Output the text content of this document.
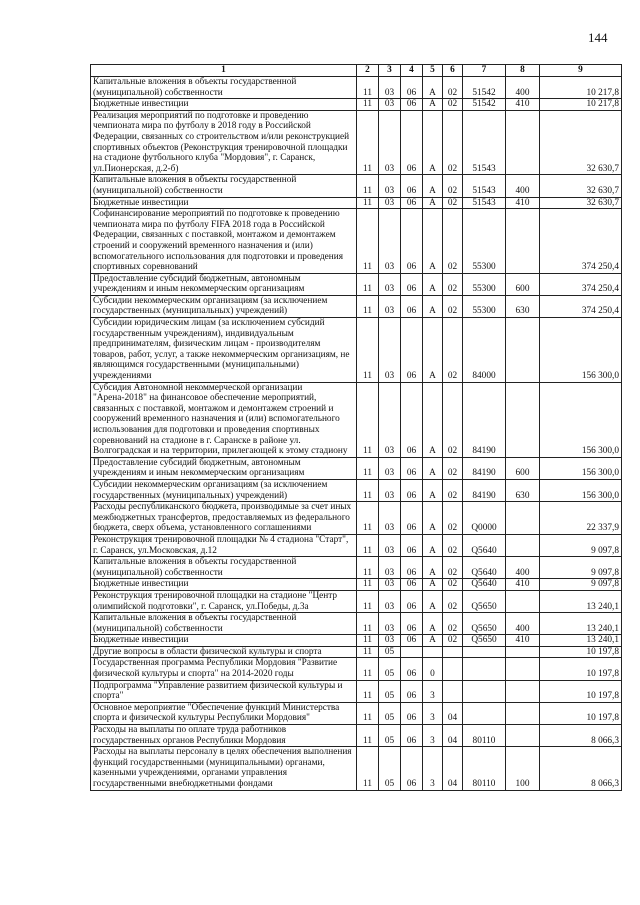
144
1	2	3	4	5	6	7	8	9
Капитальные вложения в объекты государственной (муниципальной) собственности	11	03	06	А	02	51542	400	10 217,8
Бюджетные инвестиции	11	03	06	А	02	51542	410	10 217,8
Реализация мероприятий по подготовке и проведению чемпионата мира по футболу в 2018 году в Российской Федерации, связанных со строительством и/или реконструкцией спортивных объектов (Реконструкция тренировочной площадки на стадионе футбольного клуба "Мордовия", г. Саранск, ул.Пионерская, д.2-б)	11	03	06	А	02	51543		32 630,7
Капитальные вложения в объекты государственной (муниципальной) собственности	11	03	06	А	02	51543	400	32 630,7
Бюджетные инвестиции	11	03	06	А	02	51543	410	32 630,7
Софинансирование мероприятий по подготовке к проведению чемпионата мира по футболу FIFA 2018 года в Российской Федерации, связанных с поставкой, монтажом и демонтажем строений и сооружений временного назначения и (или) вспомогательного использования для подготовки и проведения спортивных соревнований	11	03	06	А	02	55300		374 250,4
Предоставление субсидий бюджетным, автономным учреждениям и иным некоммерческим организациям	11	03	06	А	02	55300	600	374 250,4
Субсидии некоммерческим организациям (за исключением государственных (муниципальных) учреждений)	11	03	06	А	02	55300	630	374 250,4
Субсидии юридическим лицам (за исключением субсидий государственным учреждениям), индивидуальным предпринимателям, физическим лицам - производителям товаров, работ, услуг, а также некоммерческим организациям, не являющимся государственными (муниципальными) учреждениями	11	03	06	А	02	84000		156 300,0
Субсидия Автономной некоммерческой организации "Арена-2018" на финансовое обеспечение мероприятий, связанных с поставкой, монтажом и демонтажем строений и сооружений временного назначения и (или) вспомогательного использования для подготовки и проведения спортивных соревнований на стадионе в г. Саранске в районе ул. Волгоградская и на территории, прилегающей к этому стадиону	11	03	06	А	02	84190		156 300,0
Предоставление субсидий бюджетным, автономным учреждениям и иным некоммерческим организациям	11	03	06	А	02	84190	600	156 300,0
Субсидии некоммерческим организациям (за исключением государственных (муниципальных) учреждений)	11	03	06	А	02	84190	630	156 300,0
Расходы республиканского бюджета, производимые за счет иных межбюджетных трансфертов, предоставляемых из федерального бюджета, сверх объема, установленного соглашениями	11	03	06	А	02	Q0000		22 337,9
Реконструкция тренировочной площадки № 4 стадиона "Старт", г. Саранск, ул.Московская, д.12	11	03	06	А	02	Q5640		9 097,8
Капитальные вложения в объекты государственной (муниципальной) собственности	11	03	06	А	02	Q5640	400	9 097,8
Бюджетные инвестиции	11	03	06	А	02	Q5640	410	9 097,8
Реконструкция тренировочной площадки на стадионе "Центр олимпийской подготовки", г. Саранск, ул.Победы, д.3а	11	03	06	А	02	Q5650		13 240,1
Капитальные вложения в объекты государственной (муниципальной) собственности	11	03	06	А	02	Q5650	400	13 240,1
Бюджетные инвестиции	11	03	06	А	02	Q5650	410	13 240,1
Другие вопросы в области физической культуры и спорта	11	05						10 197,8
Государственная программа Республики Мордовия "Развитие физической культуры и спорта" на 2014-2020 годы	11	05	06	0				10 197,8
Подпрограмма "Управление развитием физической культуры и спорта"	11	05	06	3				10 197,8
Основное мероприятие "Обеспечение функций Министерства спорта и физической культуры Республики Мордовия"	11	05	06	3	04			10 197,8
Расходы на выплаты по оплате труда работников государственных органов Республики Мордовия	11	05	06	3	04	80110		8 066,3
Расходы на выплаты персоналу в целях обеспечения выполнения функций государственными (муниципальными) органами, казенными учреждениями, органами управления государственными внебюджетными фондами	11	05	06	3	04	80110	100	8 066,3
